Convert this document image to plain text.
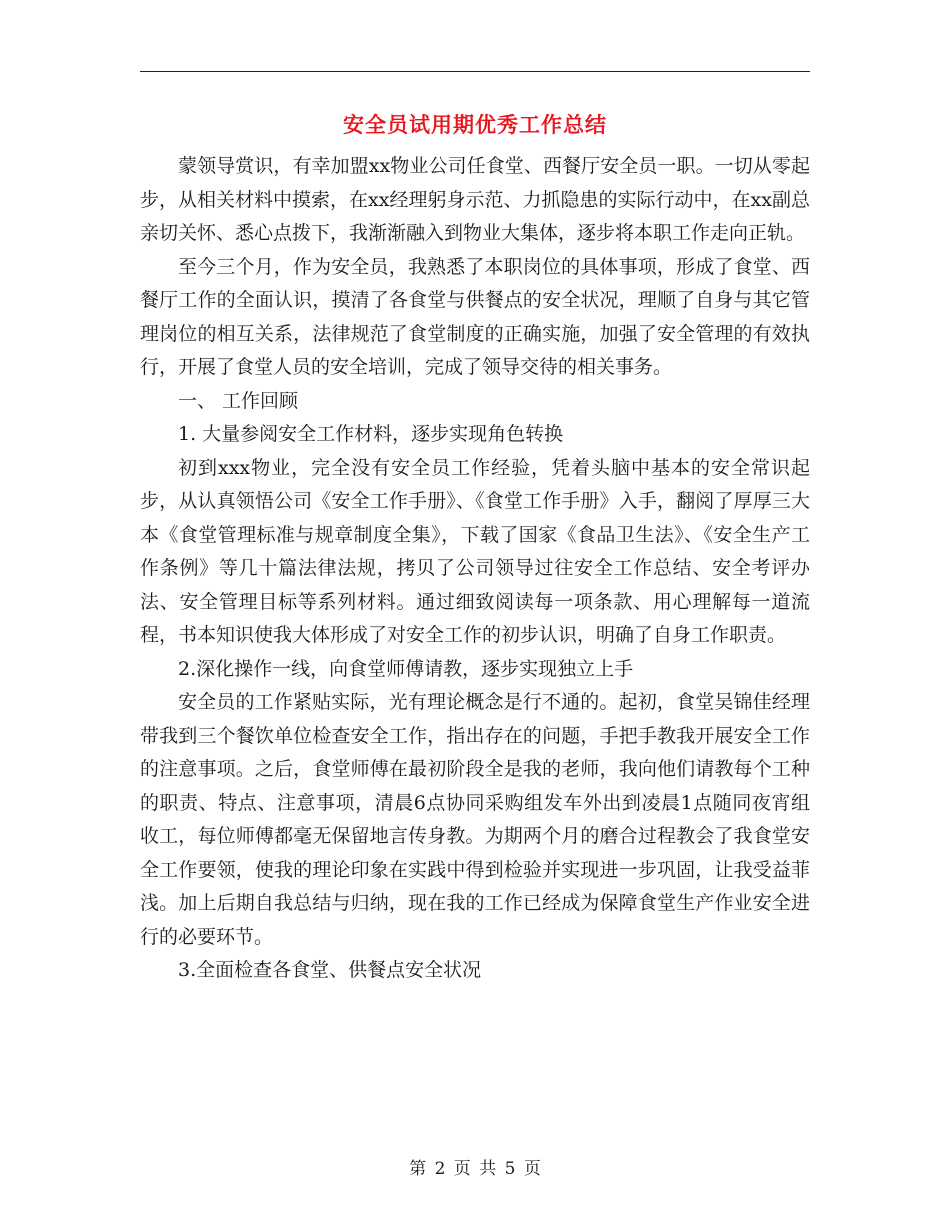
安全员试用期优秀工作总结

蒙领导赏识，有幸加盟xx物业公司任食堂、西餐厅安全员一职。一切从零起步，从相关材料中摸索，在xx经理躬身示范、力抓隐患的实际行动中，在xx副总亲切关怀、悉心点拨下，我渐渐融入到物业大集体，逐步将本职工作走向正轨。

至今三个月，作为安全员，我熟悉了本职岗位的具体事项，形成了食堂、西餐厅工作的全面认识，摸清了各食堂与供餐点的安全状况，理顺了自身与其它管理岗位的相互关系，法律规范了食堂制度的正确实施，加强了安全管理的有效执行，开展了食堂人员的安全培训，完成了领导交待的相关事务。

一、 工作回顾

1. 大量参阅安全工作材料，逐步实现角色转换

初到xxx物业，完全没有安全员工作经验，凭着头脑中基本的安全常识起步，从认真领悟公司《安全工作手册》、《食堂工作手册》入手，翻阅了厚厚三大本《食堂管理标准与规章制度全集》，下载了国家《食品卫生法》、《安全生产工作条例》等几十篇法律法规，拷贝了公司领导过往安全工作总结、安全考评办法、安全管理目标等系列材料。通过细致阅读每一项条款、用心理解每一道流程，书本知识使我大体形成了对安全工作的初步认识，明确了自身工作职责。

2.深化操作一线，向食堂师傅请教，逐步实现独立上手

安全员的工作紧贴实际，光有理论概念是行不通的。起初，食堂吴锦佳经理带我到三个餐饮单位检查安全工作，指出存在的问题，手把手教我开展安全工作的注意事项。之后，食堂师傅在最初阶段全是我的老师，我向他们请教每个工种的职责、特点、注意事项，清晨6点协同采购组发车外出到凌晨1点随同夜宵组收工，每位师傅都毫无保留地言传身教。为期两个月的磨合过程教会了我食堂安全工作要领，使我的理论印象在实践中得到检验并实现进一步巩固，让我受益菲浅。加上后期自我总结与归纳，现在我的工作已经成为保障食堂生产作业安全进行的必要环节。

3.全面检查各食堂、供餐点安全状况

第 2 页 共 5 页
